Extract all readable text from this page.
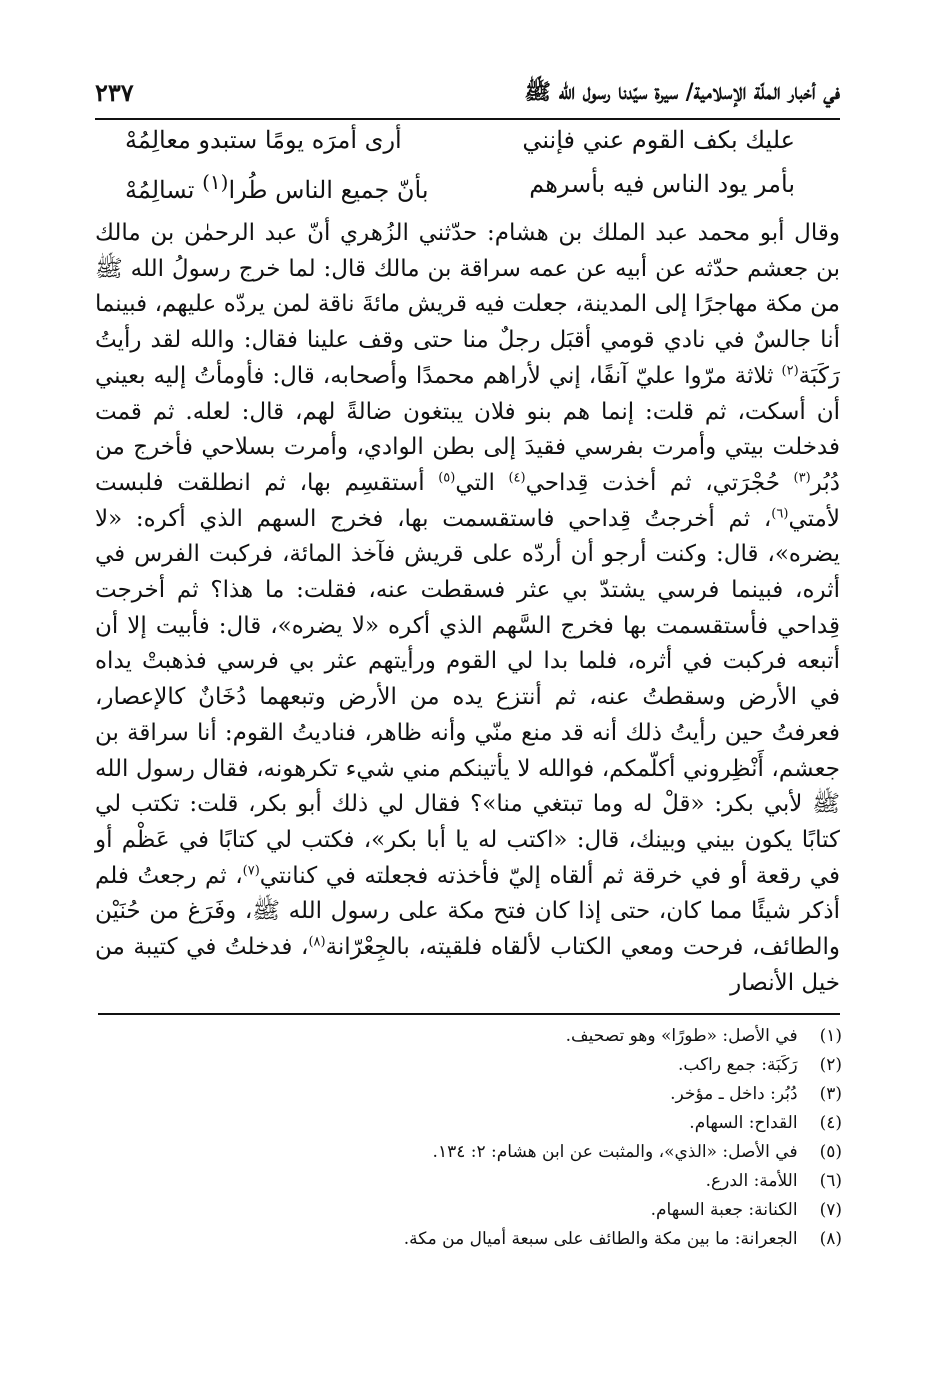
في أخبار الملّة الإسلامية/ سيرة سيّدنا رسول الله ﷺ
٢٣٧
عليك بكف القوم عني فإنني
أرى أمرَه يومًا ستبدو معالِمُهْ
بأمر يود الناس فيه بأسرهم
بأنّ جميع الناس طُرا$^{(١)}$ تسالِمُهْ
وقال أبو محمد عبد الملك بن هشام: حدّثني الزُهري أنّ عبد الرحمٰن بن مالك بن جعشم حدّثه عن أبيه عن عمه سراقة بن مالك قال: لما خرج رسولُ الله ﷺ من مكة مهاجرًا إلى المدينة، جعلت فيه قريش مائةَ ناقة لمن يردّه عليهم، فبينما أنا جالسٌ في نادي قومي أقبَل رجلٌ منا حتى وقف علينا فقال: والله لقد رأيتُ رَكَبَة$^{(٢)}$ ثلاثة مرّوا عليّ آنفًا، إني لأراهم محمدًا وأصحابه، قال: فأومأتُ إليه بعيني أن أسكت، ثم قلت: إنما هم بنو فلان يبتغون ضالةً لهم، قال: لعله. ثم قمت فدخلت بيتي وأمرت بفرسي فقيدَ إلى بطن الوادي، وأمرت بسلاحي فأخرج من دُبُر$^{(٣)}$ حُجْرَتي، ثم أخذت قِداحي$^{(٤)}$ التي$^{(٥)}$ أستقسِم بها، ثم انطلقت فلبست لأمتي$^{(٦)}$، ثم أخرجتُ قِداحي فاستقسمت بها، فخرج السهم الذي أكره: «لا يضره»، قال: وكنت أرجو أن أردّه على قريش فآخذ المائة، فركبت الفرس في أثره، فبينما فرسي يشتدّ بي عثر فسقطت عنه، فقلت: ما هذا؟ ثم أخرجت قِداحي فأستقسمت بها فخرج السَّهم الذي أكره «لا يضره»، قال: فأبيت إلا أن أتبعه فركبت في أثره، فلما بدا لي القوم ورأيتهم عثر بي فرسي فذهبتْ يداه في الأرض وسقطتُ عنه، ثم أنتزع يده من الأرض وتبعهما دُخَانٌ كالإعصار، فعرفتُ حين رأيتُ ذلك أنه قد منع منّي وأنه ظاهر، فناديتُ القوم: أنا سراقة بن جعشم، أَنْظِروني أكلّمكم، فوالله لا يأتينكم مني شيء تكرهونه، فقال رسول الله ﷺ لأبي بكر: «قلْ له وما تبتغي منا»؟ فقال لي ذلك أبو بكر، قلت: تكتب لي كتابًا يكون بيني وبينك، قال: «اكتب له يا أبا بكر»، فكتب لي كتابًا في عَظْم أو في رقعة أو في خرقة ثم ألقاه إليّ فأخذته فجعلته في كنانتي$^{(٧)}$، ثم رجعتُ فلم أذكر شيئًا مما كان، حتى إذا كان فتح مكة على رسول الله ﷺ، وفَرَغ من حُنَيْن والطائف، فرحت ومعي الكتاب لألقاه فلقيته، بالجِعْرّانة$^{(٨)}$، فدخلتُ في كتيبة من خيل الأنصار
(١)
في الأصل: «طورًا» وهو تصحيف.
(٢)
رَكَبَة: جمع راكب.
(٣)
دُبُر: داخل ـ مؤخر.
(٤)
القداح: السهام.
(٥)
في الأصل: «الذي»، والمثبت عن ابن هشام: ٢: ١٣٤.
(٦)
اللأمة: الدرع.
(٧)
الكنانة: جعبة السهام.
(٨)
الجعرانة: ما بين مكة والطائف على سبعة أميال من مكة.
